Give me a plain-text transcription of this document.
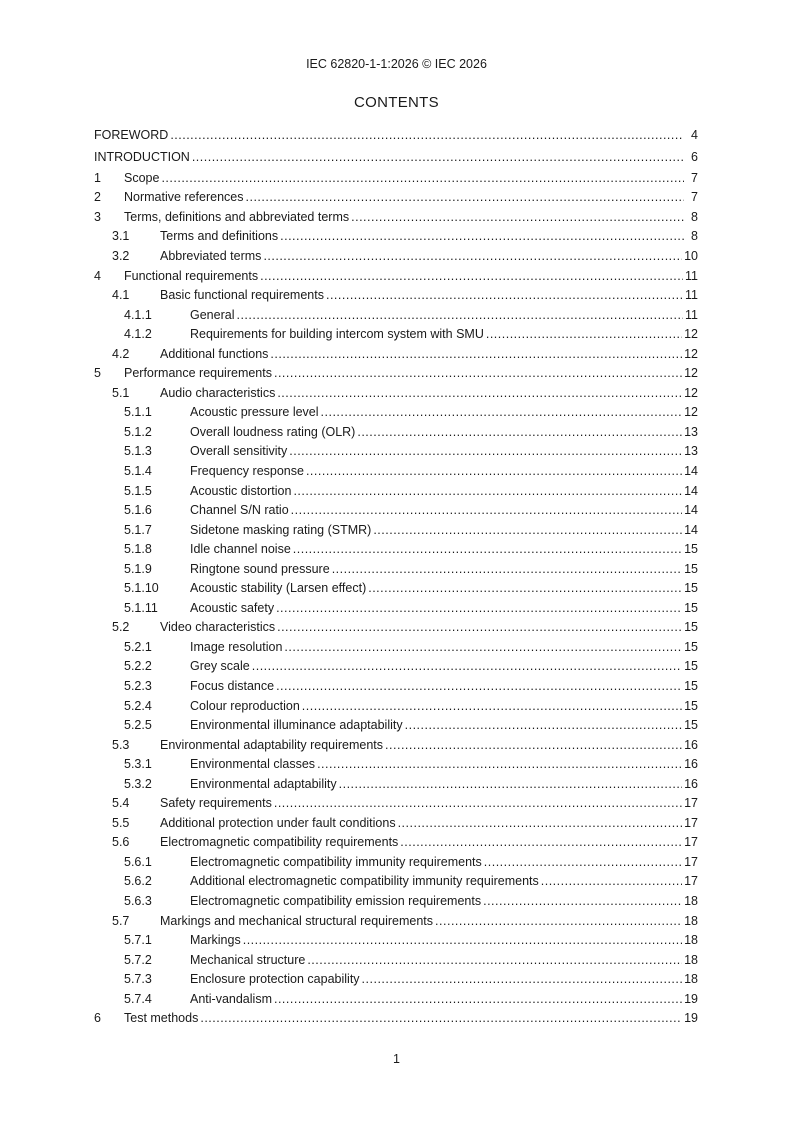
IEC 62820-1-1:2026 © IEC 2026
CONTENTS
FOREWORD .....	4
INTRODUCTION .....	6
1	Scope .....	7
2	Normative references .....	7
3	Terms, definitions and abbreviated terms .....	8
3.1	Terms and definitions .....	8
3.2	Abbreviated terms .....	10
4	Functional requirements .....	11
4.1	Basic functional requirements .....	11
4.1.1	General .....	11
4.1.2	Requirements for building intercom system with SMU .....	12
4.2	Additional functions .....	12
5	Performance requirements .....	12
5.1	Audio characteristics .....	12
5.1.1	Acoustic pressure level .....	12
5.1.2	Overall loudness rating (OLR) .....	13
5.1.3	Overall sensitivity .....	13
5.1.4	Frequency response .....	14
5.1.5	Acoustic distortion .....	14
5.1.6	Channel S/N ratio .....	14
5.1.7	Sidetone masking rating (STMR) .....	14
5.1.8	Idle channel noise .....	15
5.1.9	Ringtone sound pressure .....	15
5.1.10	Acoustic stability (Larsen effect) .....	15
5.1.11	Acoustic safety .....	15
5.2	Video characteristics .....	15
5.2.1	Image resolution .....	15
5.2.2	Grey scale .....	15
5.2.3	Focus distance .....	15
5.2.4	Colour reproduction .....	15
5.2.5	Environmental illuminance adaptability .....	15
5.3	Environmental adaptability requirements .....	16
5.3.1	Environmental classes .....	16
5.3.2	Environmental adaptability .....	16
5.4	Safety requirements .....	17
5.5	Additional protection under fault conditions .....	17
5.6	Electromagnetic compatibility requirements .....	17
5.6.1	Electromagnetic compatibility immunity requirements .....	17
5.6.2	Additional electromagnetic compatibility immunity requirements .....	17
5.6.3	Electromagnetic compatibility emission requirements .....	18
5.7	Markings and mechanical structural requirements .....	18
5.7.1	Markings .....	18
5.7.2	Mechanical structure .....	18
5.7.3	Enclosure protection capability .....	18
5.7.4	Anti-vandalism .....	19
6	Test methods .....	19
1
